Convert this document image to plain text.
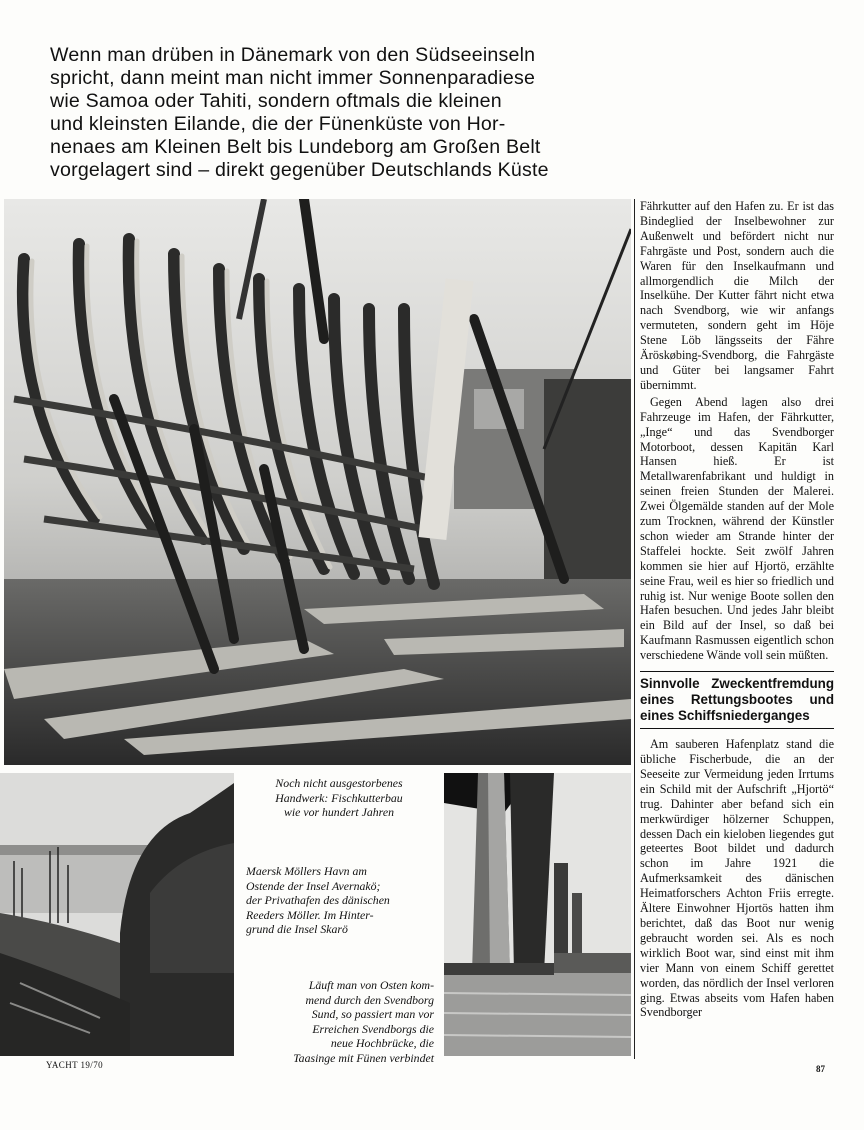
Wenn man drüben in Dänemark von den Südseeinseln
spricht, dann meint man nicht immer Sonnenparadiese
wie Samoa oder Tahiti, sondern oftmals die kleinen
und kleinsten Eilande, die der Fünenküste von Hor-
nenaes am Kleinen Belt bis Lundeborg am Großen Belt
vorgelagert sind – direkt gegenüber Deutschlands Küste
Noch nicht ausgestorbenes
Handwerk: Fischkutterbau
wie vor hundert Jahren
Maersk Möllers Havn am
Ostende der Insel Avernakö;
der Privathafen des dänischen
Reeders Möller. Im Hinter-
grund die Insel Skarö
Läuft man von Osten kom-
mend durch den Svendborg
Sund, so passiert man vor
Erreichen Svendborgs die
neue Hochbrücke, die
Taasinge mit Fünen verbindet

Fährkutter auf den Hafen zu. Er ist das Bindeglied der Inselbewohner zur Außenwelt und befördert nicht nur Fahrgäste und Post, sondern auch die Waren für den Inselkaufmann und allmorgendlich die Milch der Inselkühe. Der Kutter fährt nicht etwa nach Svendborg, wie wir anfangs vermuteten, sondern geht im Höje Stene Löb längsseits der Fähre Äröskøbing-Svendborg, die Fahrgäste und Güter bei langsamer Fahrt übernimmt.

Gegen Abend lagen also drei Fahrzeuge im Hafen, der Fährkutter, „Inge“ und das Svendborger Motorboot, dessen Kapitän Karl Hansen hieß. Er ist Metallwarenfabrikant und huldigt in seinen freien Stunden der Malerei. Zwei Ölgemälde standen auf der Mole zum Trocknen, während der Künstler schon wieder am Strande hinter der Staffelei hockte. Seit zwölf Jahren kommen sie hier auf Hjortö, erzählte seine Frau, weil es hier so friedlich und ruhig ist. Nur wenige Boote sollen den Hafen besuchen. Und jedes Jahr bleibt ein Bild auf der Insel, so daß bei Kaufmann Rasmussen eigentlich schon verschiedene Wände voll sein müßten.

Sinnvolle Zweckentfremdung eines Rettungsbootes und eines Schiffsniederganges

Am sauberen Hafenplatz stand die übliche Fischerbude, die an der Seeseite zur Vermeidung jeden Irrtums ein Schild mit der Aufschrift „Hjortö“ trug. Dahinter aber befand sich ein merkwürdiger hölzerner Schuppen, dessen Dach ein kieloben liegendes gut geteertes Boot bildet und dadurch schon im Jahre 1921 die Aufmerksamkeit des dänischen Heimatforschers Achton Friis erregte. Ältere Einwohner Hjortös hatten ihm berichtet, daß das Boot nur wenig gebraucht worden sei. Als es noch wirklich Boot war, sind einst mit ihm vier Mann von einem Schiff gerettet worden, das nördlich der Insel verloren ging. Etwas abseits vom Hafen haben Svendborger

YACHT 19/70	87
